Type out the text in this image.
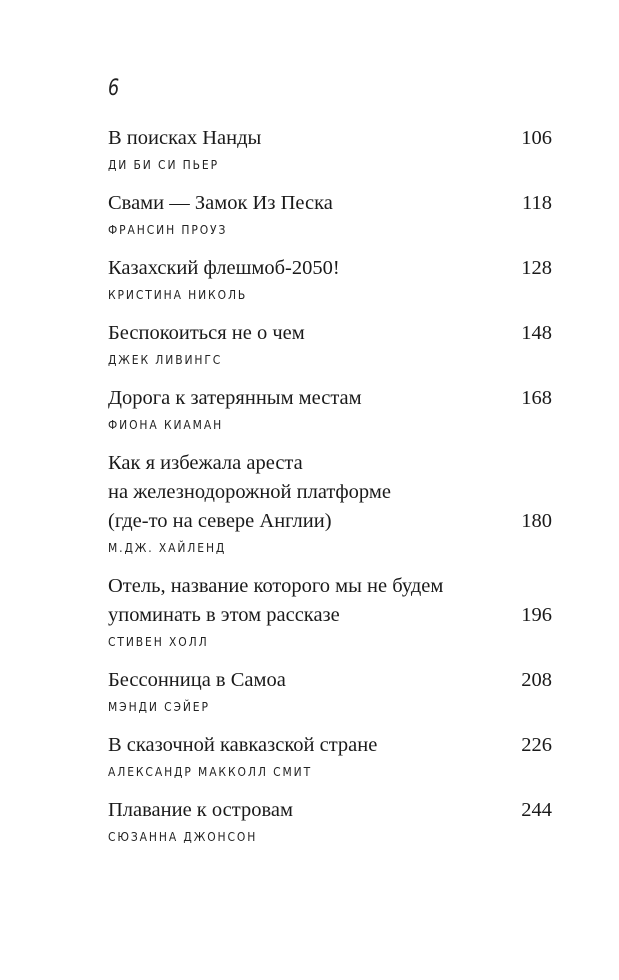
6
В поисках Нанды	106
ДИ БИ СИ ПЬЕР
Свами — Замок Из Песка	118
ФРАНСИН ПРОУЗ
Казахский флешмоб-2050!	128
КРИСТИНА НИКОЛЬ
Беспокоиться не о чем	148
ДЖЕК ЛИВИНГС
Дорога к затерянным местам	168
ФИОНА КИАМАН
Как я избежала ареста
на железнодорожной платформе
(где-то на севере Англии)	180
М.ДЖ. ХАЙЛЕНД
Отель, название которого мы не будем
упоминать в этом рассказе	196
СТИВЕН ХОЛЛ
Бессонница в Самоа	208
МЭНДИ СЭЙЕР
В сказочной кавказской стране	226
АЛЕКСАНДР МАККОЛЛ СМИТ
Плавание к островам	244
СЮЗАННА ДЖОНСОН
